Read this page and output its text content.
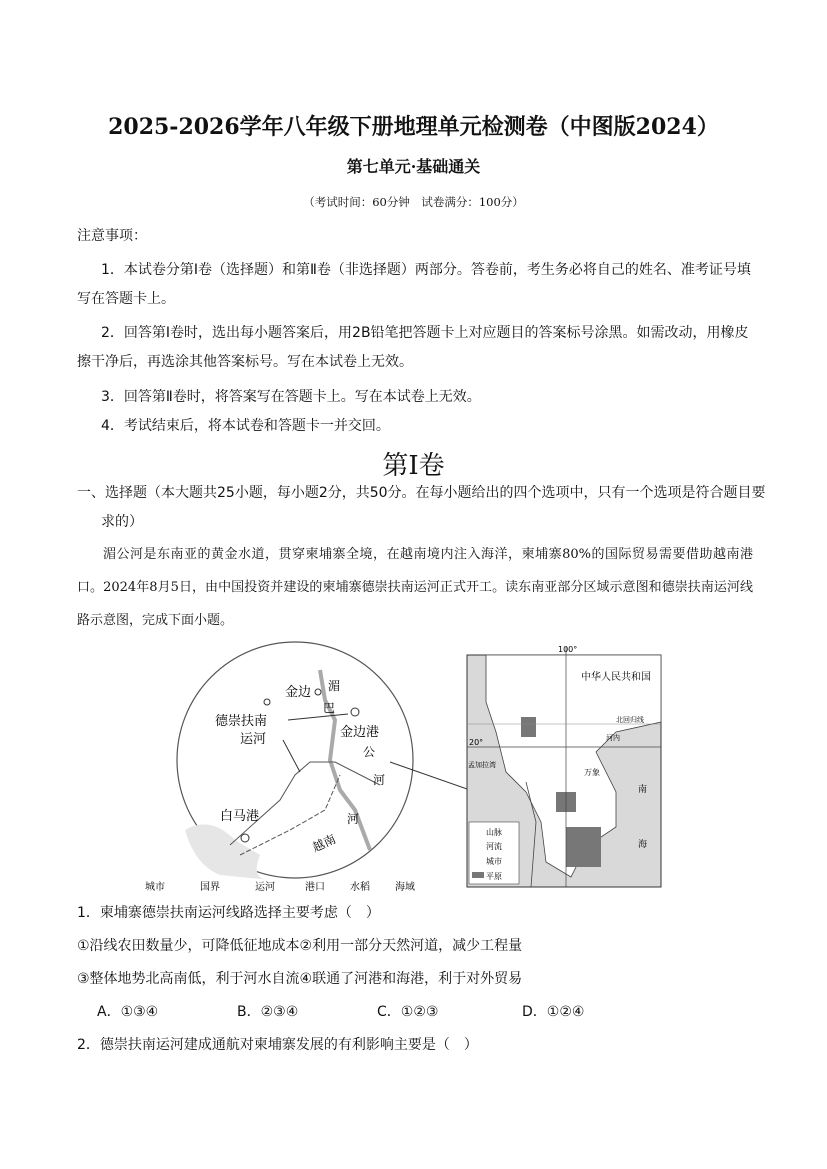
2025-2026学年八年级下册地理单元检测卷（中图版2024）
第七单元·基础通关
（考试时间：60分钟　试卷满分：100分）
注意事项：
1．本试卷分第Ⅰ卷（选择题）和第Ⅱ卷（非选择题）两部分。答卷前，考生务必将自己的姓名、准考证号填写在答题卡上。
2．回答第Ⅰ卷时，选出每小题答案后，用2B铅笔把答题卡上对应题目的答案标号涂黑。如需改动，用橡皮擦干净后，再选涂其他答案标号。写在本试卷上无效。
3．回答第Ⅱ卷时，将答案写在答题卡上。写在本试卷上无效。
4．考试结束后，将本试卷和答题卡一并交回。
第Ⅰ卷
一、选择题（本大题共25小题，每小题2分，共50分。在每小题给出的四个选项中，只有一个选项是符合题目要求的）
湄公河是东南亚的黄金水道，贯穿柬埔寨全境，在越南境内注入海洋，柬埔寨80%的国际贸易需要借助越南港口。2024年8月5日，由中国投资并建设的柬埔寨德崇扶南运河正式开工。读东南亚部分区域示意图和德崇扶南运河线路示意图，完成下面小题。
金边 湄
巴
德崇扶南
运河	金边港
公
河
河
白马港
越南
城市	国界	运河	港口	水稻	海域
100°
20°
中华人民共和国
北回归线
孟加拉湾
万象
河内
南
海
山脉
河流
城市
平原
1．柬埔寨德崇扶南运河线路选择主要考虑（　）
①沿线农田数量少，可降低征地成本②利用一部分天然河道，减少工程量
③整体地势北高南低，利于河水自流④联通了河港和海港，利于对外贸易
A．①③④	B．②③④	C．①②③	D．①②④
2．德崇扶南运河建成通航对柬埔寨发展的有利影响主要是（　）
